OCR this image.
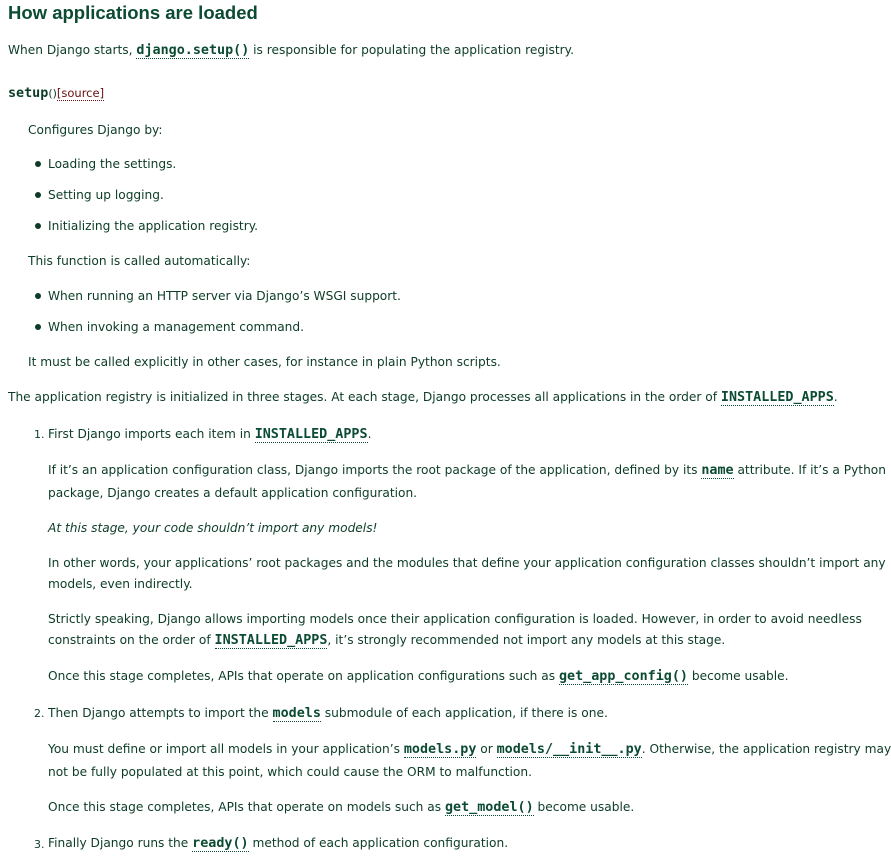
How applications are loaded
When Django starts, django.setup() is responsible for populating the application registry.
setup()[source]
Configures Django by:
Loading the settings.
Setting up logging.
Initializing the application registry.
This function is called automatically:
When running an HTTP server via Django’s WSGI support.
When invoking a management command.
It must be called explicitly in other cases, for instance in plain Python scripts.
The application registry is initialized in three stages. At each stage, Django processes all applications in the order of INSTALLED_APPS.
1. First Django imports each item in INSTALLED_APPS.
If it’s an application configuration class, Django imports the root package of the application, defined by its name attribute. If it’s a Python
package, Django creates a default application configuration.
At this stage, your code shouldn’t import any models!
In other words, your applications’ root packages and the modules that define your application configuration classes shouldn’t import any
models, even indirectly.
Strictly speaking, Django allows importing models once their application configuration is loaded. However, in order to avoid needless
constraints on the order of INSTALLED_APPS, it’s strongly recommended not import any models at this stage.
Once this stage completes, APIs that operate on application configurations such as get_app_config() become usable.
2. Then Django attempts to import the models submodule of each application, if there is one.
You must define or import all models in your application’s models.py or models/__init__.py. Otherwise, the application registry may
not be fully populated at this point, which could cause the ORM to malfunction.
Once this stage completes, APIs that operate on models such as get_model() become usable.
3. Finally Django runs the ready() method of each application configuration.
